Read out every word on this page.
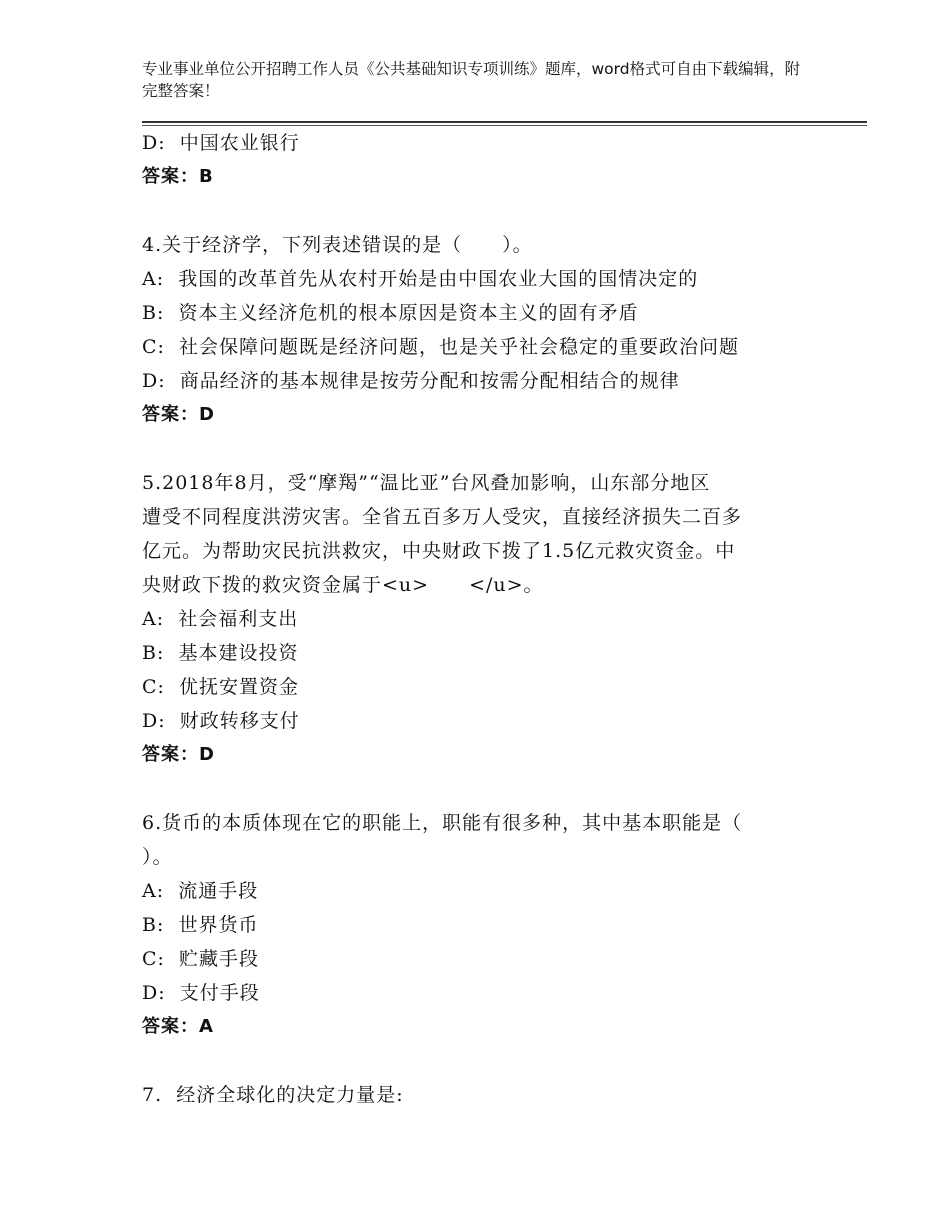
专业事业单位公开招聘工作人员《公共基础知识专项训练》题库，word格式可自由下载编辑，附完整答案！

D:  中国农业银行

答案：B

4.关于经济学，下列表述错误的是（　　）。

A:  我国的改革首先从农村开始是由中国农业大国的国情决定的

B:  资本主义经济危机的根本原因是资本主义的固有矛盾

C:  社会保障问题既是经济问题，也是关乎社会稳定的重要政治问题

D:  商品经济的基本规律是按劳分配和按需分配相结合的规律

答案：D

5.2018年8月，受“摩羯”“温比亚”台风叠加影响，山东部分地区

遭受不同程度洪涝灾害。全省五百多万人受灾，直接经济损失二百多

亿元。为帮助灾民抗洪救灾，中央财政下拨了1.5亿元救灾资金。中

央财政下拨的救灾资金属于<u>　　</u>。

A:  社会福利支出

B:  基本建设投资

C:  优抚安置资金

D:  财政转移支付

答案：D

6.货币的本质体现在它的职能上，职能有很多种，其中基本职能是（

）。

A:  流通手段

B:  世界货币

C:  贮藏手段

D:  支付手段

答案：A

7.  经济全球化的决定力量是:
